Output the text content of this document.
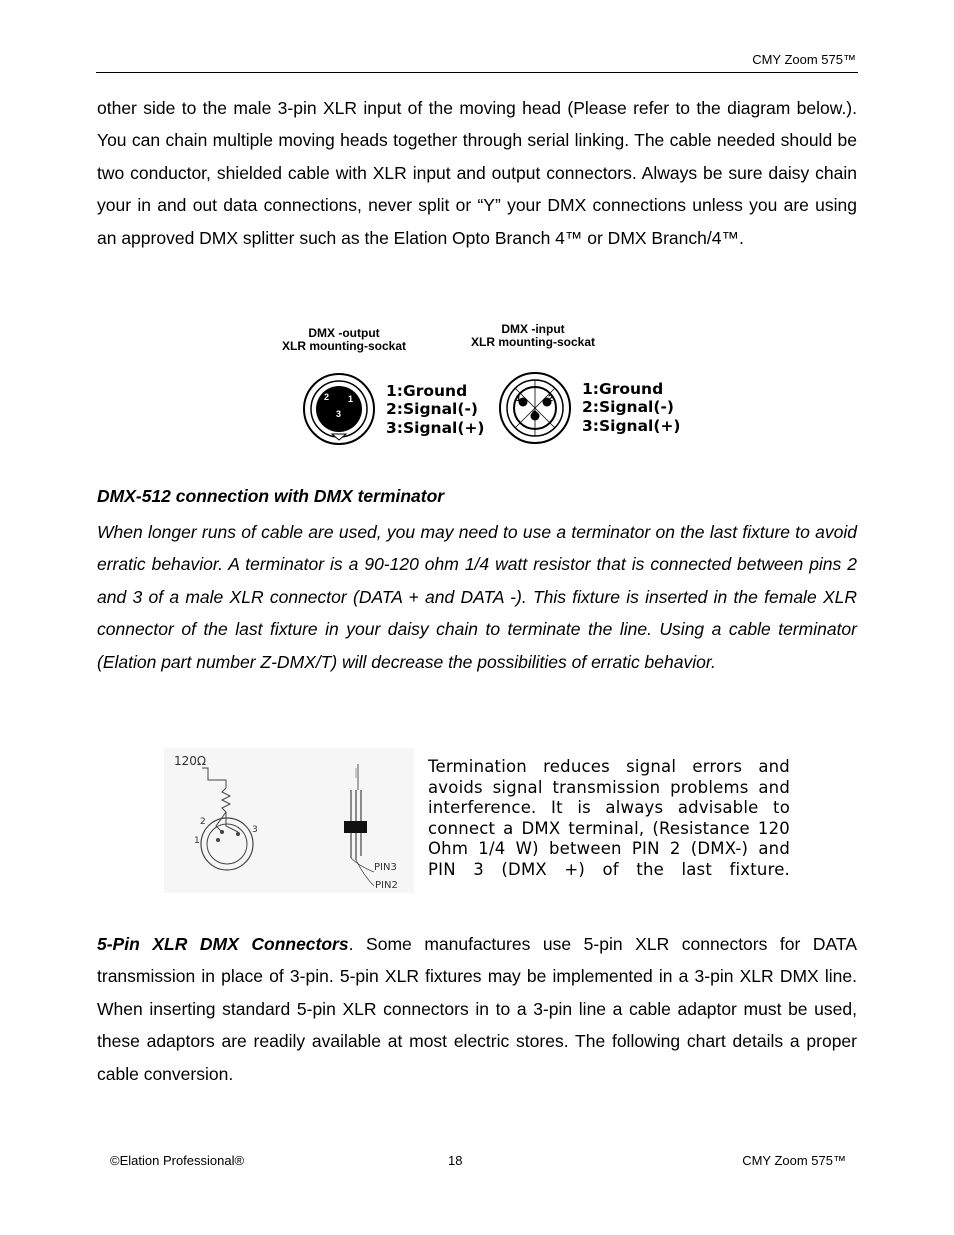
CMY Zoom 575™
other side to the male 3-pin XLR input of the moving head (Please refer to the diagram below.). You can chain multiple moving heads together through serial linking. The cable needed should be two conductor, shielded cable with XLR input and output connectors. Always be sure daisy chain your in and out data connections, never split or “Y” your DMX connections unless you are using an approved DMX splitter such as the Elation Opto Branch 4™ or DMX Branch/4™.
DMX -output
XLR mounting-sockat
DMX -input
XLR mounting-sockat
2 1
3
1:Ground
2:Signal(-)
3:Signal(+)
1	2
3
1:Ground
2:Signal(-)
3:Signal(+)
DMX-512 connection with DMX terminator
When longer runs of cable are used, you may need to use a terminator on the last fixture to avoid erratic behavior. A terminator is a 90-120 ohm 1/4 watt resistor that is connected between pins 2 and 3 of a male XLR connector (DATA + and DATA -). This fixture is inserted in the female XLR connector of the last fixture in your daisy chain to terminate the line. Using a cable terminator (Elation part number Z-DMX/T) will decrease the possibilities of erratic behavior.
120Ω
2
1
3
PIN3
PIN2
Termination reduces signal errors and avoids signal transmission problems and interference. It is always advisable to connect a DMX terminal, (Resistance 120 Ohm 1/4 W) between PIN 2 (DMX-) and PIN 3 (DMX +) of the last fixture.
5-Pin XLR DMX Connectors. Some manufactures use 5-pin XLR connectors for DATA transmission in place of 3-pin. 5-pin XLR fixtures may be implemented in a 3-pin XLR DMX line. When inserting standard 5-pin XLR connectors in to a 3-pin line a cable adaptor must be used, these adaptors are readily available at most electric stores. The following chart details a proper cable conversion.
©Elation Professional®	18	CMY Zoom 575™
